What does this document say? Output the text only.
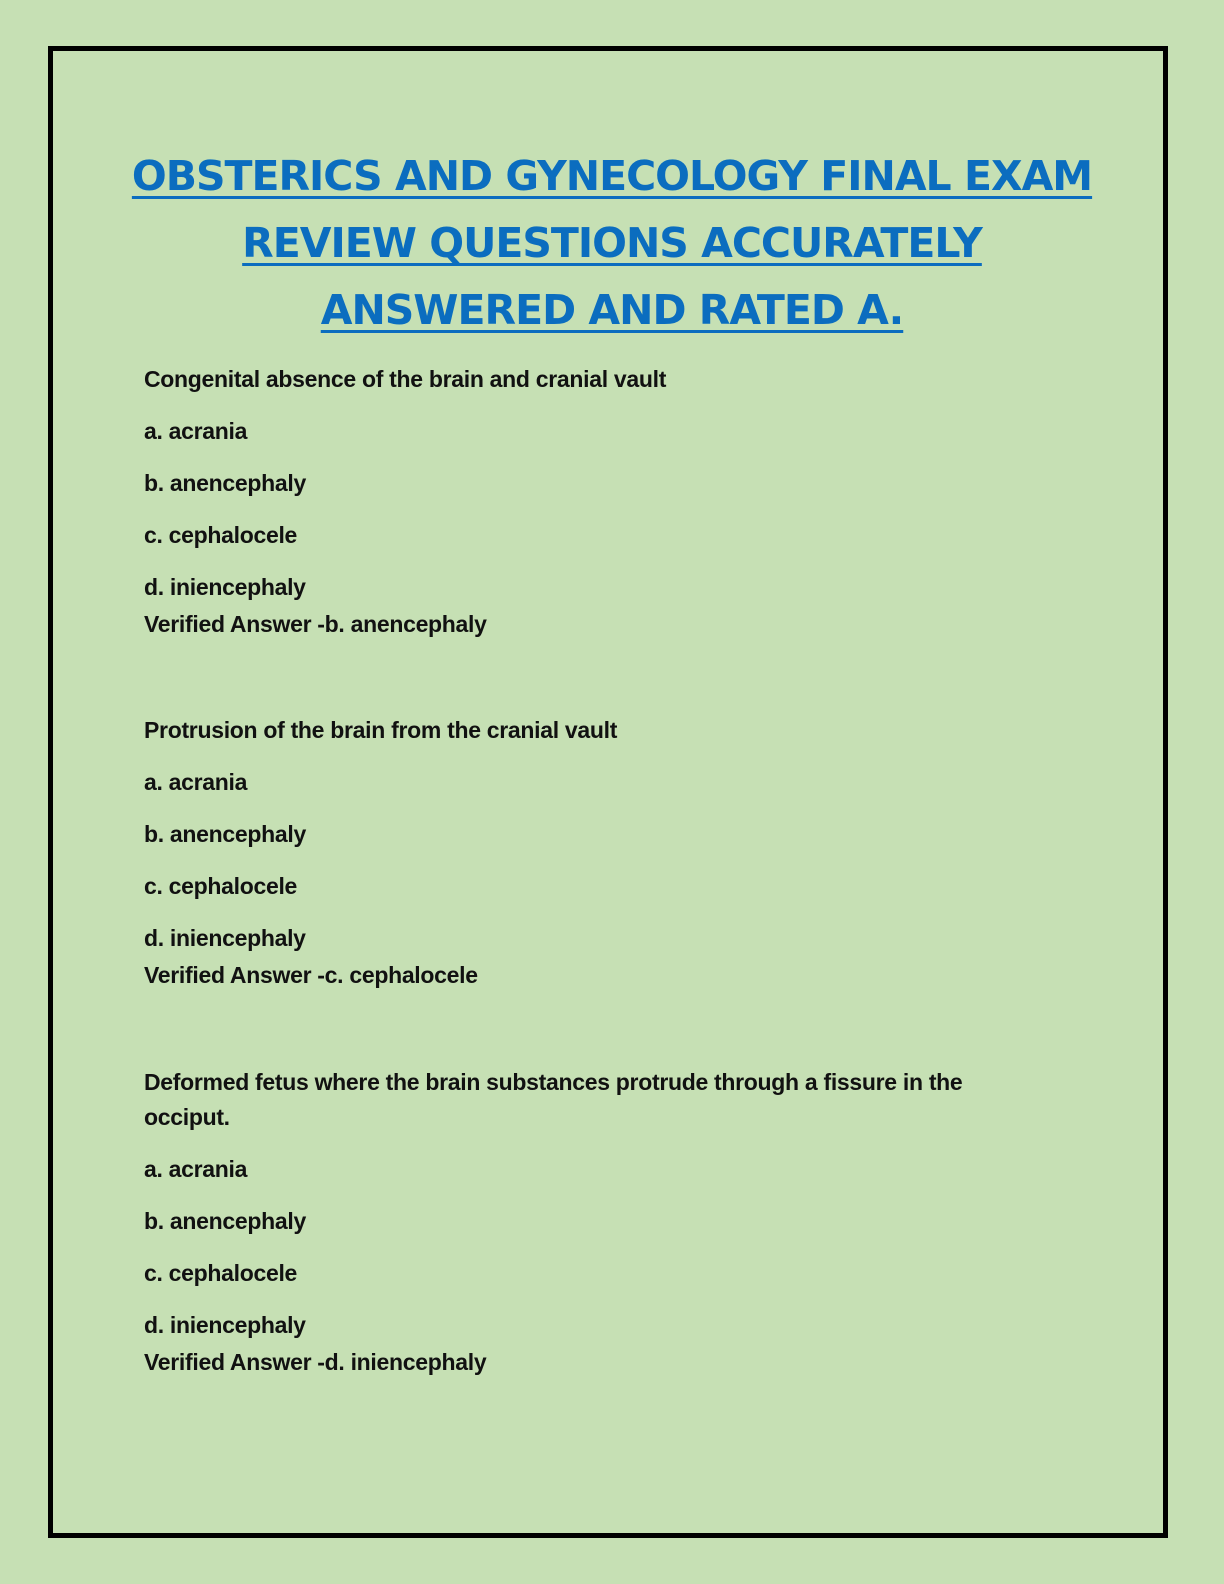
OBSTERICS AND GYNECOLOGY FINAL EXAM
REVIEW QUESTIONS ACCURATELY
ANSWERED AND RATED A.

Congenital absence of the brain and cranial vault

a. acrania

b. anencephaly

c. cephalocele

d. iniencephaly

Verified Answer -b. anencephaly

Protrusion of the brain from the cranial vault

a. acrania

b. anencephaly

c. cephalocele

d. iniencephaly

Verified Answer -c. cephalocele

Deformed fetus where the brain substances protrude through a fissure in the occiput.

a. acrania

b. anencephaly

c. cephalocele

d. iniencephaly

Verified Answer -d. iniencephaly
